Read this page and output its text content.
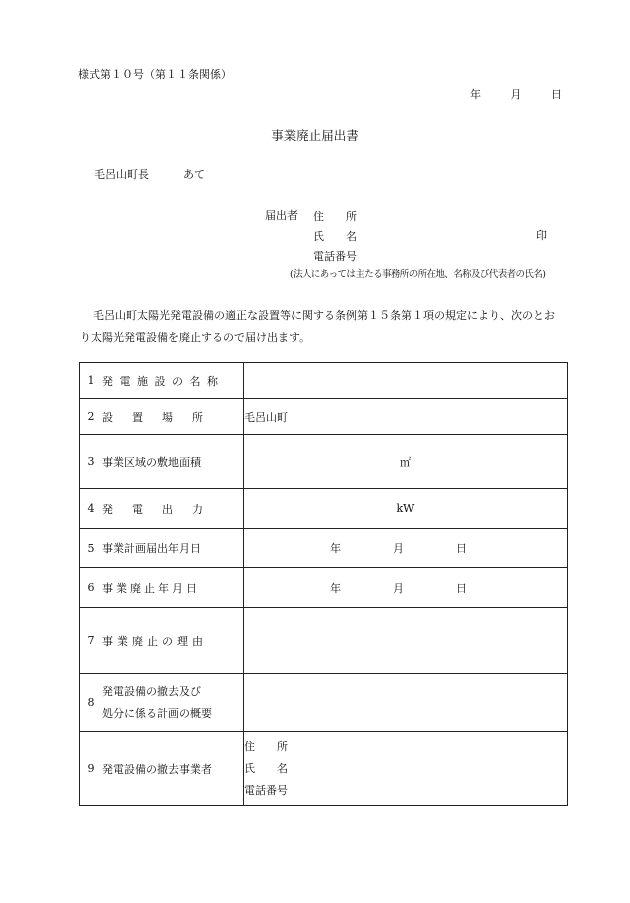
様式第１０号（第１１条関係）
年	月	日
事業廃止届出書
毛呂山町長	あて
届出者 住　　所
氏　　名
電話番号
印
(法人にあっては主たる事務所の所在地、名称及び代表者の氏名)
毛呂山町太陽光発電設備の適正な設置等に関する条例第１５条第１項の規定により、次のとおり太陽光発電設備を廃止するので届け出ます。
1	発電施設の名称	
2	設　置　場　所	毛呂山町
3	事業区域の敷地面積	㎡
4	発　電　出　力	kW
5	事業計画届出年月日	年 月 日

6	事業廃止年月日	年 月 日

7	事業廃止の理由	
8	発電設備の撤去及び
処分に係る計画の概要	

9	発電設備の撤去事業者	住　　所
氏　　名
電話番号
